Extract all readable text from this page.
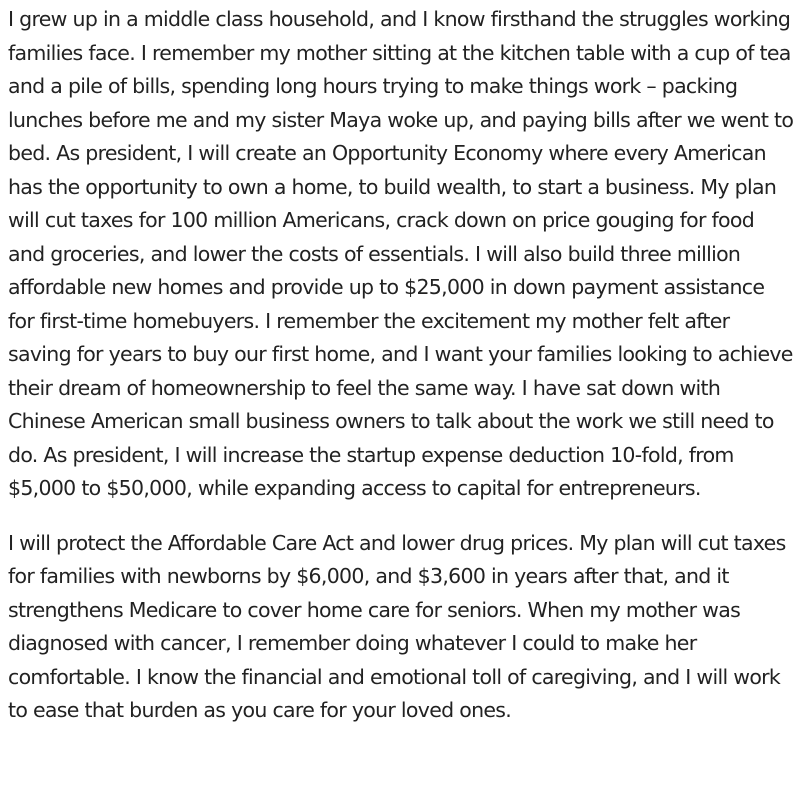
I grew up in a middle class household, and I know firsthand the struggles working families face. I remember my mother sitting at the kitchen table with a cup of tea and a pile of bills, spending long hours trying to make things work – packing lunches before me and my sister Maya woke up, and paying bills after we went to bed. As president, I will create an Opportunity Economy where every American has the opportunity to own a home, to build wealth, to start a business. My plan will cut taxes for 100 million Americans, crack down on price gouging for food and groceries, and lower the costs of essentials. I will also build three million affordable new homes and provide up to $25,000 in down payment assistance for first-time homebuyers. I remember the excitement my mother felt after saving for years to buy our first home, and I want your families looking to achieve their dream of homeownership to feel the same way. I have sat down with Chinese American small business owners to talk about the work we still need to do. As president, I will increase the startup expense deduction 10-fold, from $5,000 to $50,000, while expanding access to capital for entrepreneurs.

I will protect the Affordable Care Act and lower drug prices. My plan will cut taxes for families with newborns by $6,000, and $3,600 in years after that, and it strengthens Medicare to cover home care for seniors. When my mother was diagnosed with cancer, I remember doing whatever I could to make her comfortable. I know the financial and emotional toll of caregiving, and I will work to ease that burden as you care for your loved ones.
